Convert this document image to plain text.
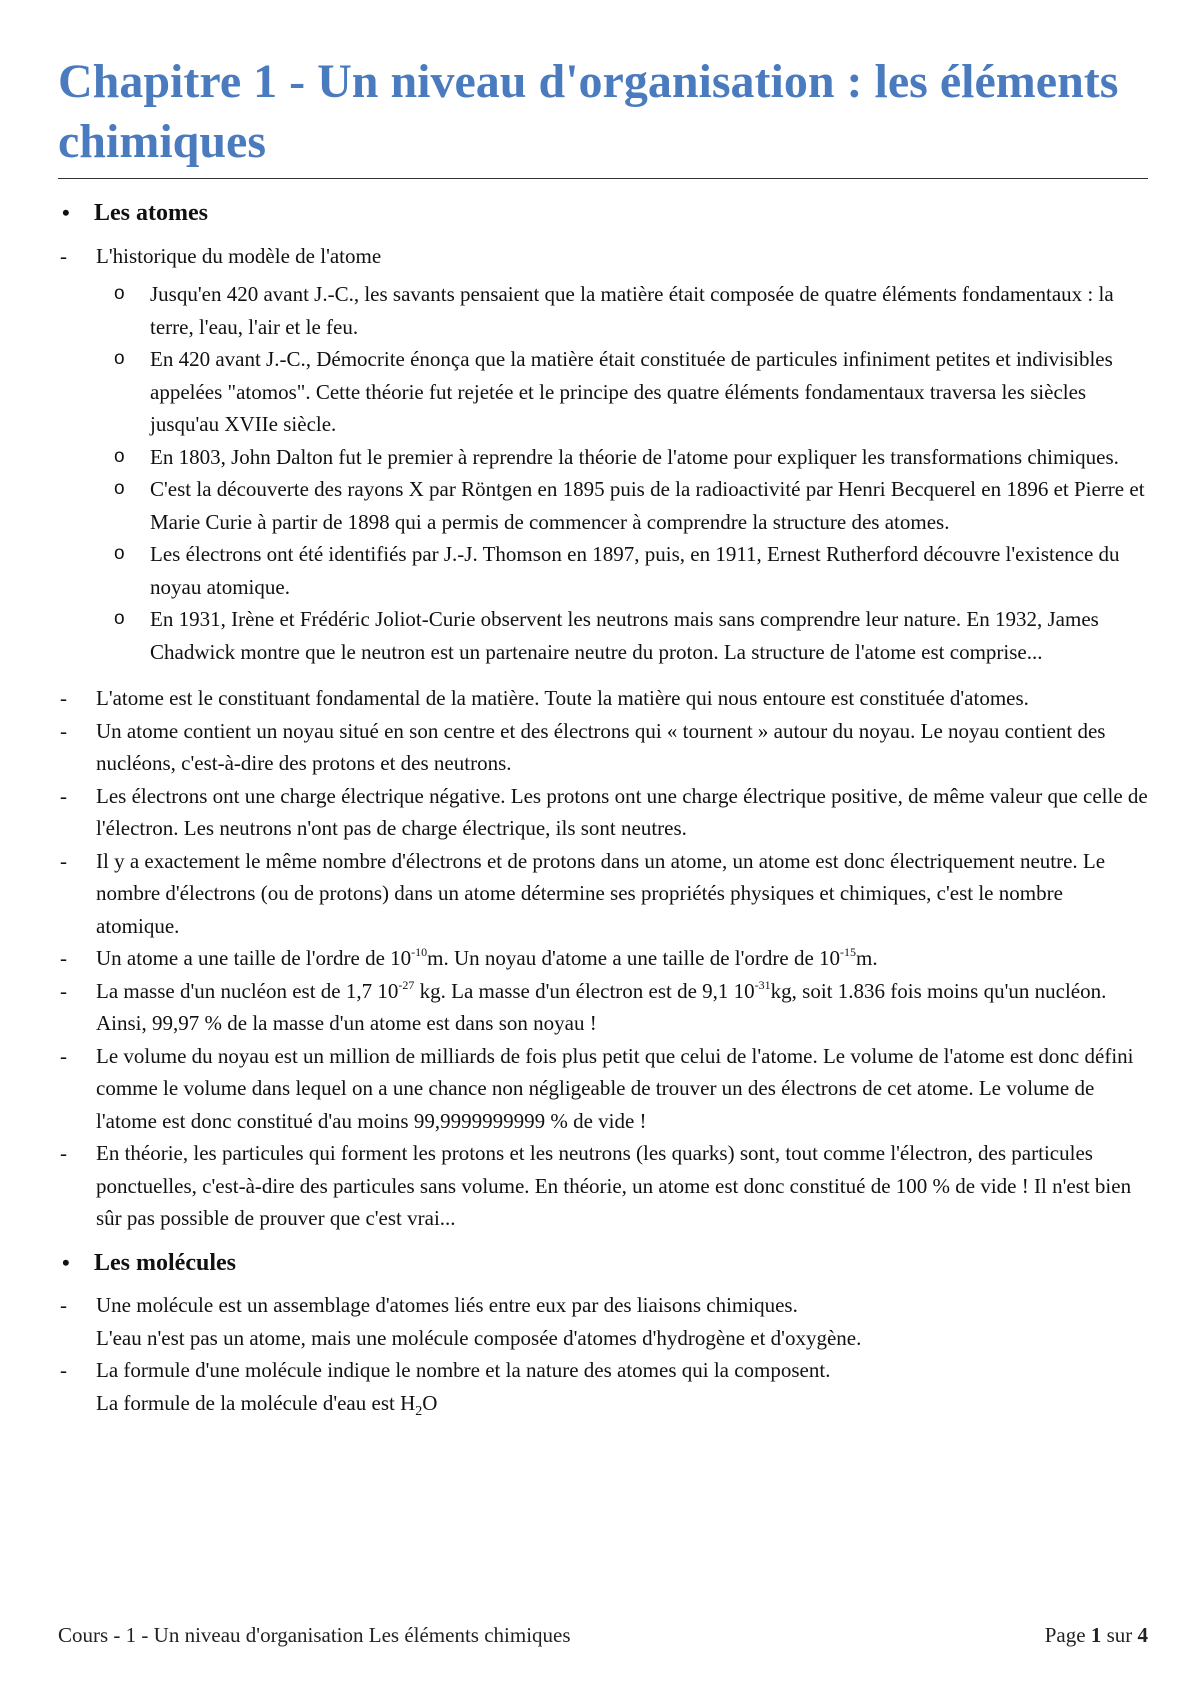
Chapitre 1 - Un niveau d'organisation : les éléments chimiques
•	Les atomes
-	L'historique du modèle de l'atome
o	Jusqu'en 420 avant J.-C., les savants pensaient que la matière était composée de quatre éléments fondamentaux : la terre, l'eau, l'air et le feu.
o	En 420 avant J.-C., Démocrite énonça que la matière était constituée de particules infiniment petites et indivisibles appelées "atomos". Cette théorie fut rejetée et le principe des quatre éléments fondamentaux traversa les siècles jusqu'au XVIIe siècle.
o	En 1803, John Dalton fut le premier à reprendre la théorie de l'atome pour expliquer les transformations chimiques.
o	C'est la découverte des rayons X par Röntgen en 1895 puis de la radioactivité par Henri Becquerel en 1896 et Pierre et Marie Curie à partir de 1898 qui a permis de commencer à comprendre la structure des atomes.
o	Les électrons ont été identifiés par J.-J. Thomson en 1897, puis, en 1911, Ernest Rutherford découvre l'existence du noyau atomique.
o	En 1931, Irène et Frédéric Joliot-Curie observent les neutrons mais sans comprendre leur nature. En 1932, James Chadwick montre que le neutron est un partenaire neutre du proton. La structure de l'atome est comprise...
-	L'atome est le constituant fondamental de la matière. Toute la matière qui nous entoure est constituée d'atomes.
-	Un atome contient un noyau situé en son centre et des électrons qui « tournent » autour du noyau. Le noyau contient des nucléons, c'est-à-dire des protons et des neutrons.
-	Les électrons ont une charge électrique négative. Les protons ont une charge électrique positive, de même valeur que celle de l'électron. Les neutrons n'ont pas de charge électrique, ils sont neutres.
-	Il y a exactement le même nombre d'électrons et de protons dans un atome, un atome est donc électriquement neutre. Le nombre d'électrons (ou de protons) dans un atome détermine ses propriétés physiques et chimiques, c'est le nombre atomique.
-	Un atome a une taille de l'ordre de $10^{-10}m$. Un noyau d'atome a une taille de l'ordre de $10^{-15}m$.
-	La masse d'un nucléon est de 1,7 $10^{-27}$ kg. La masse d'un électron est de 9,1 $10^{-31}kg$, soit 1.836 fois moins qu'un nucléon. Ainsi, 99,97 % de la masse d'un atome est dans son noyau !
-	Le volume du noyau est un million de milliards de fois plus petit que celui de l'atome. Le volume de l'atome est donc défini comme le volume dans lequel on a une chance non négligeable de trouver un des électrons de cet atome. Le volume de l'atome est donc constitué d'au moins 99,9999999999 % de vide !
-	En théorie, les particules qui forment les protons et les neutrons (les quarks) sont, tout comme l'électron, des particules ponctuelles, c'est-à-dire des particules sans volume. En théorie, un atome est donc constitué de 100 % de vide ! Il n'est bien sûr pas possible de prouver que c'est vrai...
•	Les molécules
-	Une molécule est un assemblage d'atomes liés entre eux par des liaisons chimiques.
L'eau n'est pas un atome, mais une molécule composée d'atomes d'hydrogène et d'oxygène.
-	La formule d'une molécule indique le nombre et la nature des atomes qui la composent.
La formule de la molécule d'eau est $H_2O$
Cours - 1 - Un niveau d'organisation Les éléments chimiques	Page 1 sur 4
